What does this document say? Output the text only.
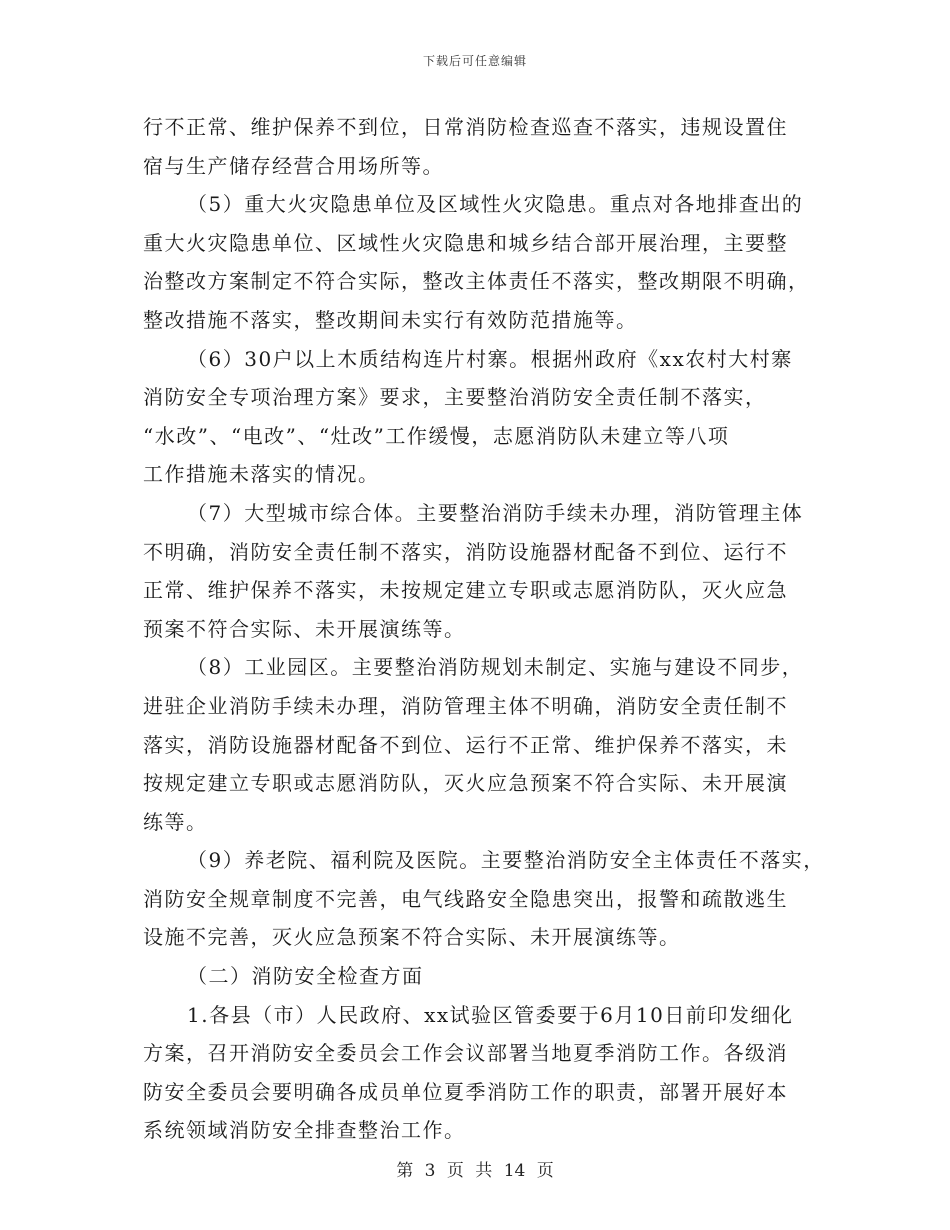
下载后可任意编辑
行不正常、维护保养不到位，日常消防检查巡查不落实，违规设置住
宿与生产储存经营合用场所等。
（5）重大火灾隐患单位及区域性火灾隐患。重点对各地排查出的
重大火灾隐患单位、区域性火灾隐患和城乡结合部开展治理，主要整
治整改方案制定不符合实际，整改主体责任不落实，整改期限不明确，
整改措施不落实，整改期间未实行有效防范措施等。
（6）30户以上木质结构连片村寨。根据州政府《xx农村大村寨
消防安全专项治理方案》要求，主要整治消防安全责任制不落实，
“水改”、“电改”、“灶改”工作缓慢，志愿消防队未建立等八项
工作措施未落实的情况。
（7）大型城市综合体。主要整治消防手续未办理，消防管理主体
不明确，消防安全责任制不落实，消防设施器材配备不到位、运行不
正常、维护保养不落实，未按规定建立专职或志愿消防队，灭火应急
预案不符合实际、未开展演练等。
（8）工业园区。主要整治消防规划未制定、实施与建设不同步，
进驻企业消防手续未办理，消防管理主体不明确，消防安全责任制不
落实，消防设施器材配备不到位、运行不正常、维护保养不落实，未
按规定建立专职或志愿消防队，灭火应急预案不符合实际、未开展演
练等。
（9）养老院、福利院及医院。主要整治消防安全主体责任不落实，
消防安全规章制度不完善，电气线路安全隐患突出，报警和疏散逃生
设施不完善，灭火应急预案不符合实际、未开展演练等。
（二）消防安全检查方面
1.各县（市）人民政府、xx试验区管委要于6月10日前印发细化
方案，召开消防安全委员会工作会议部署当地夏季消防工作。各级消
防安全委员会要明确各成员单位夏季消防工作的职责，部署开展好本
系统领域消防安全排查整治工作。
第 3 页 共 14 页
